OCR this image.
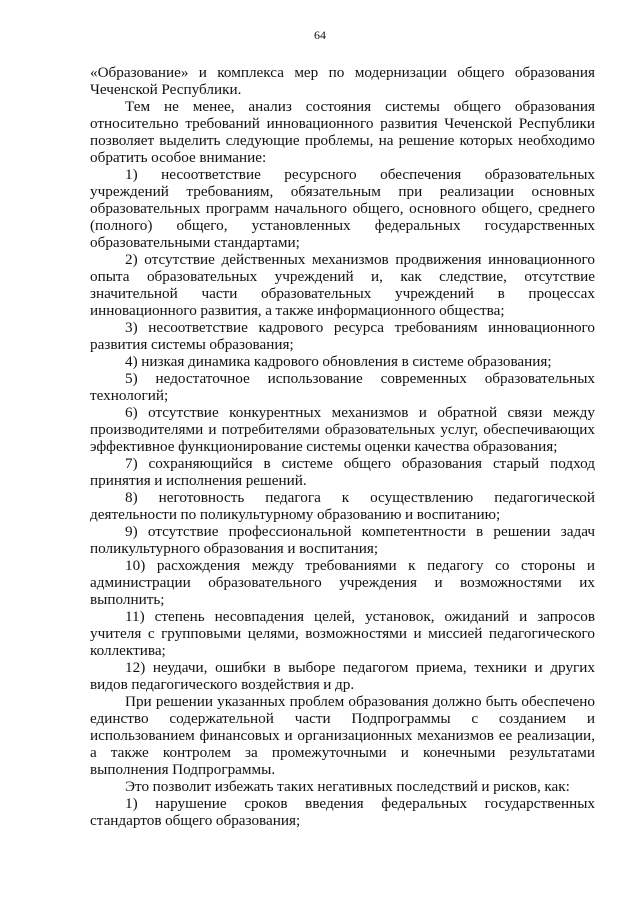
64

«Образование» и комплекса мер по модернизации общего образования Чеченской Республики.

Тем не менее, анализ состояния системы общего образования относительно требований инновационного развития Чеченской Республики позволяет выделить следующие проблемы, на решение которых необходимо обратить особое внимание:

1) несоответствие ресурсного обеспечения образовательных учреждений требованиям, обязательным при реализации основных образовательных программ начального общего, основного общего, среднего (полного) общего, установленных федеральных государственных образовательными стандартами;

2) отсутствие действенных механизмов продвижения инновационного опыта образовательных учреждений и, как следствие, отсутствие значительной части образовательных учреждений в процессах инновационного развития, а также информационного общества;

3) несоответствие кадрового ресурса требованиям инновационного развития системы образования;

4) низкая динамика кадрового обновления в системе образования;

5) недостаточное использование современных образовательных технологий;

6) отсутствие конкурентных механизмов и обратной связи между производителями и потребителями образовательных услуг, обеспечивающих эффективное функционирование системы оценки качества образования;

7) сохраняющийся в системе общего образования старый подход принятия и исполнения решений.

8) неготовность педагога к осуществлению педагогической деятельности по поликультурному образованию и воспитанию;

9) отсутствие профессиональной компетентности в решении задач поликультурного образования и воспитания;

10) расхождения между требованиями к педагогу со стороны и администрации образовательного учреждения и возможностями их выполнить;

11) степень несовпадения целей, установок, ожиданий и запросов учителя с групповыми целями, возможностями и миссией педагогического коллектива;

12) неудачи, ошибки в выборе педагогом приема, техники и других видов педагогического воздействия и др.

При решении указанных проблем образования должно быть обеспечено единство содержательной части Подпрограммы с созданием и использованием финансовых и организационных механизмов ее реализации, а также контролем за промежуточными и конечными результатами выполнения Подпрограммы.

Это позволит избежать таких негативных последствий и рисков, как:

1) нарушение сроков введения федеральных государственных стандартов общего образования;
